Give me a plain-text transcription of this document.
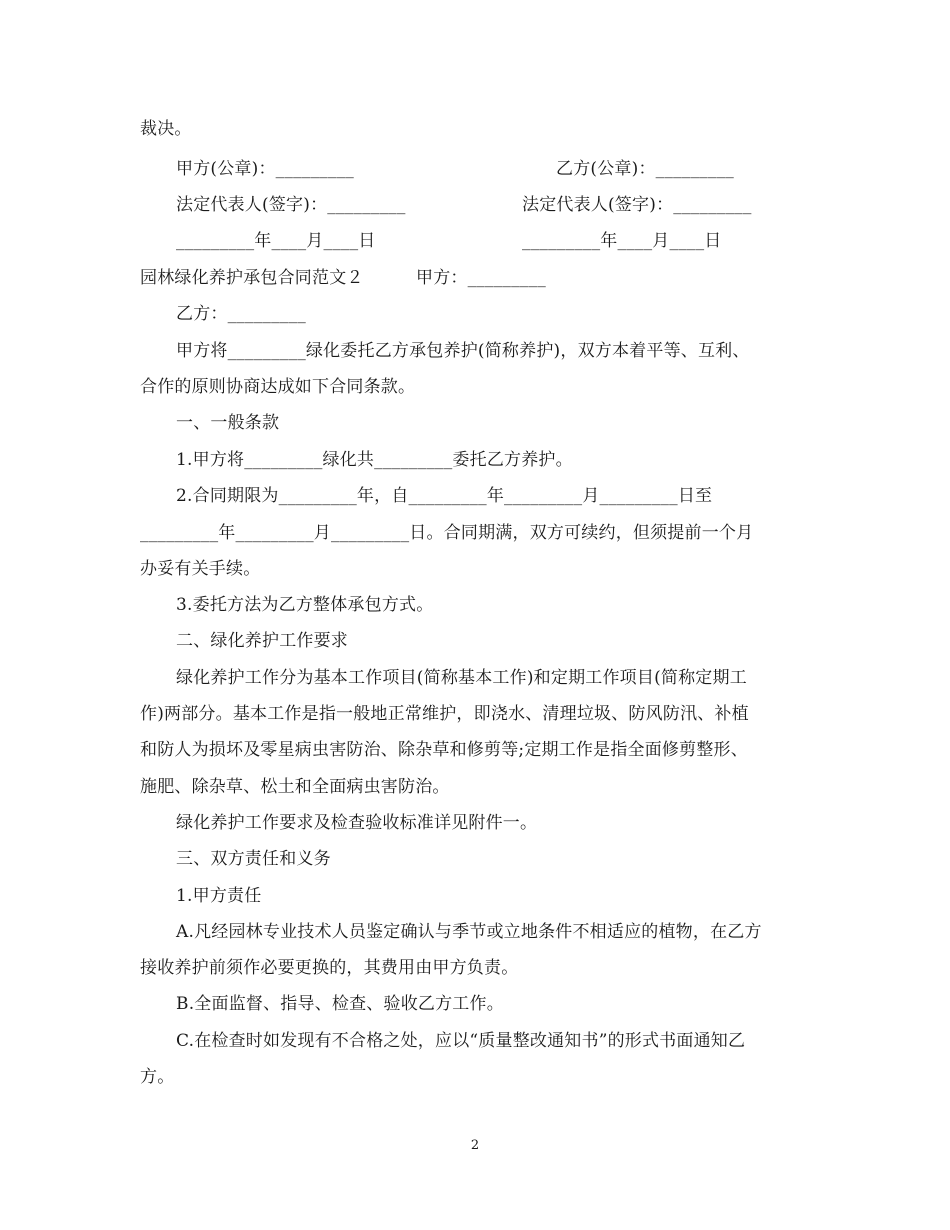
裁决。
甲方(公章)：_________	乙方(公章)：_________
法定代表人(签字)：_________	法定代表人(签字)：_________
_________年____月____日	_________年____月____日
园林绿化养护承包合同范文２	甲方：_________
乙方：_________
甲方将_________绿化委托乙方承包养护(简称养护)，双方本着平等、互利、
合作的原则协商达成如下合同条款。
一、一般条款
1.甲方将_________绿化共_________委托乙方养护。
2.合同期限为_________年，自_________年_________月_________日至
_________年_________月_________日。合同期满，双方可续约，但须提前一个月
办妥有关手续。
3.委托方法为乙方整体承包方式。
二、绿化养护工作要求
绿化养护工作分为基本工作项目(简称基本工作)和定期工作项目(简称定期工
作)两部分。基本工作是指一般地正常维护，即浇水、清理垃圾、防风防汛、补植
和防人为损坏及零星病虫害防治、除杂草和修剪等;定期工作是指全面修剪整形、
施肥、除杂草、松土和全面病虫害防治。
绿化养护工作要求及检查验收标准详见附件一。
三、双方责任和义务
1.甲方责任
A.凡经园林专业技术人员鉴定确认与季节或立地条件不相适应的植物，在乙方
接收养护前须作必要更换的，其费用由甲方负责。
B.全面监督、指导、检查、验收乙方工作。
C.在检查时如发现有不合格之处，应以“质量整改通知书”的形式书面通知乙
方。
2
